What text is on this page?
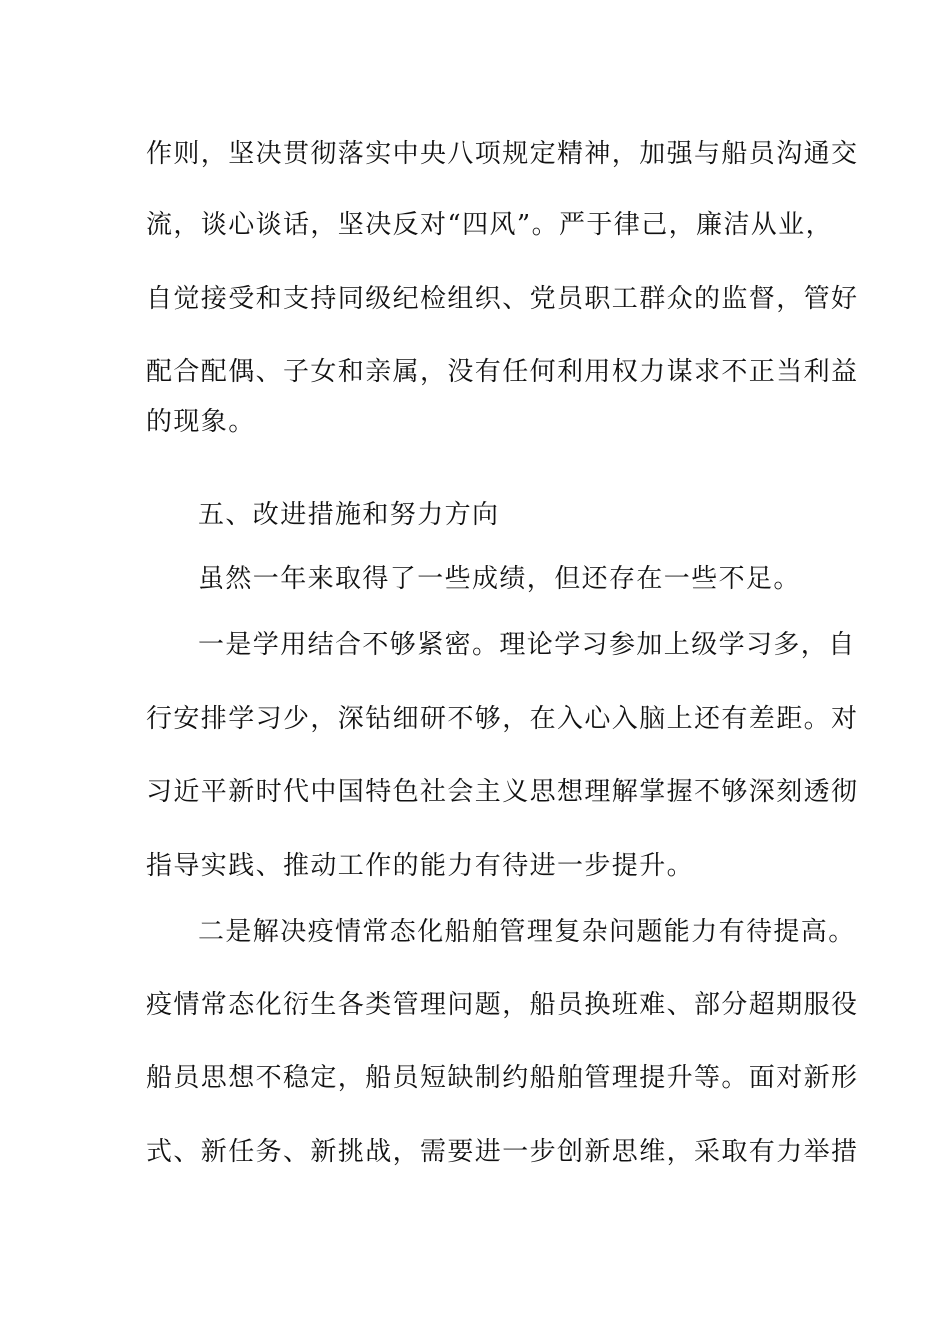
作则，坚决贯彻落实中央八项规定精神，加强与船员沟通交
流，谈心谈话，坚决反对“四风”。严于律己，廉洁从业，
自觉接受和支持同级纪检组织、党员职工群众的监督，管好
配合配偶、子女和亲属，没有任何利用权力谋求不正当利益
的现象。
五、改进措施和努力方向
虽然一年来取得了一些成绩，但还存在一些不足。
一是学用结合不够紧密。理论学习参加上级学习多，自
行安排学习少，深钻细研不够，在入心入脑上还有差距。对
习近平新时代中国特色社会主义思想理解掌握不够深刻透彻
指导实践、推动工作的能力有待进一步提升。
二是解决疫情常态化船舶管理复杂问题能力有待提高。
疫情常态化衍生各类管理问题，船员换班难、部分超期服役
船员思想不稳定，船员短缺制约船舶管理提升等。面对新形
式、新任务、新挑战，需要进一步创新思维，采取有力举措
